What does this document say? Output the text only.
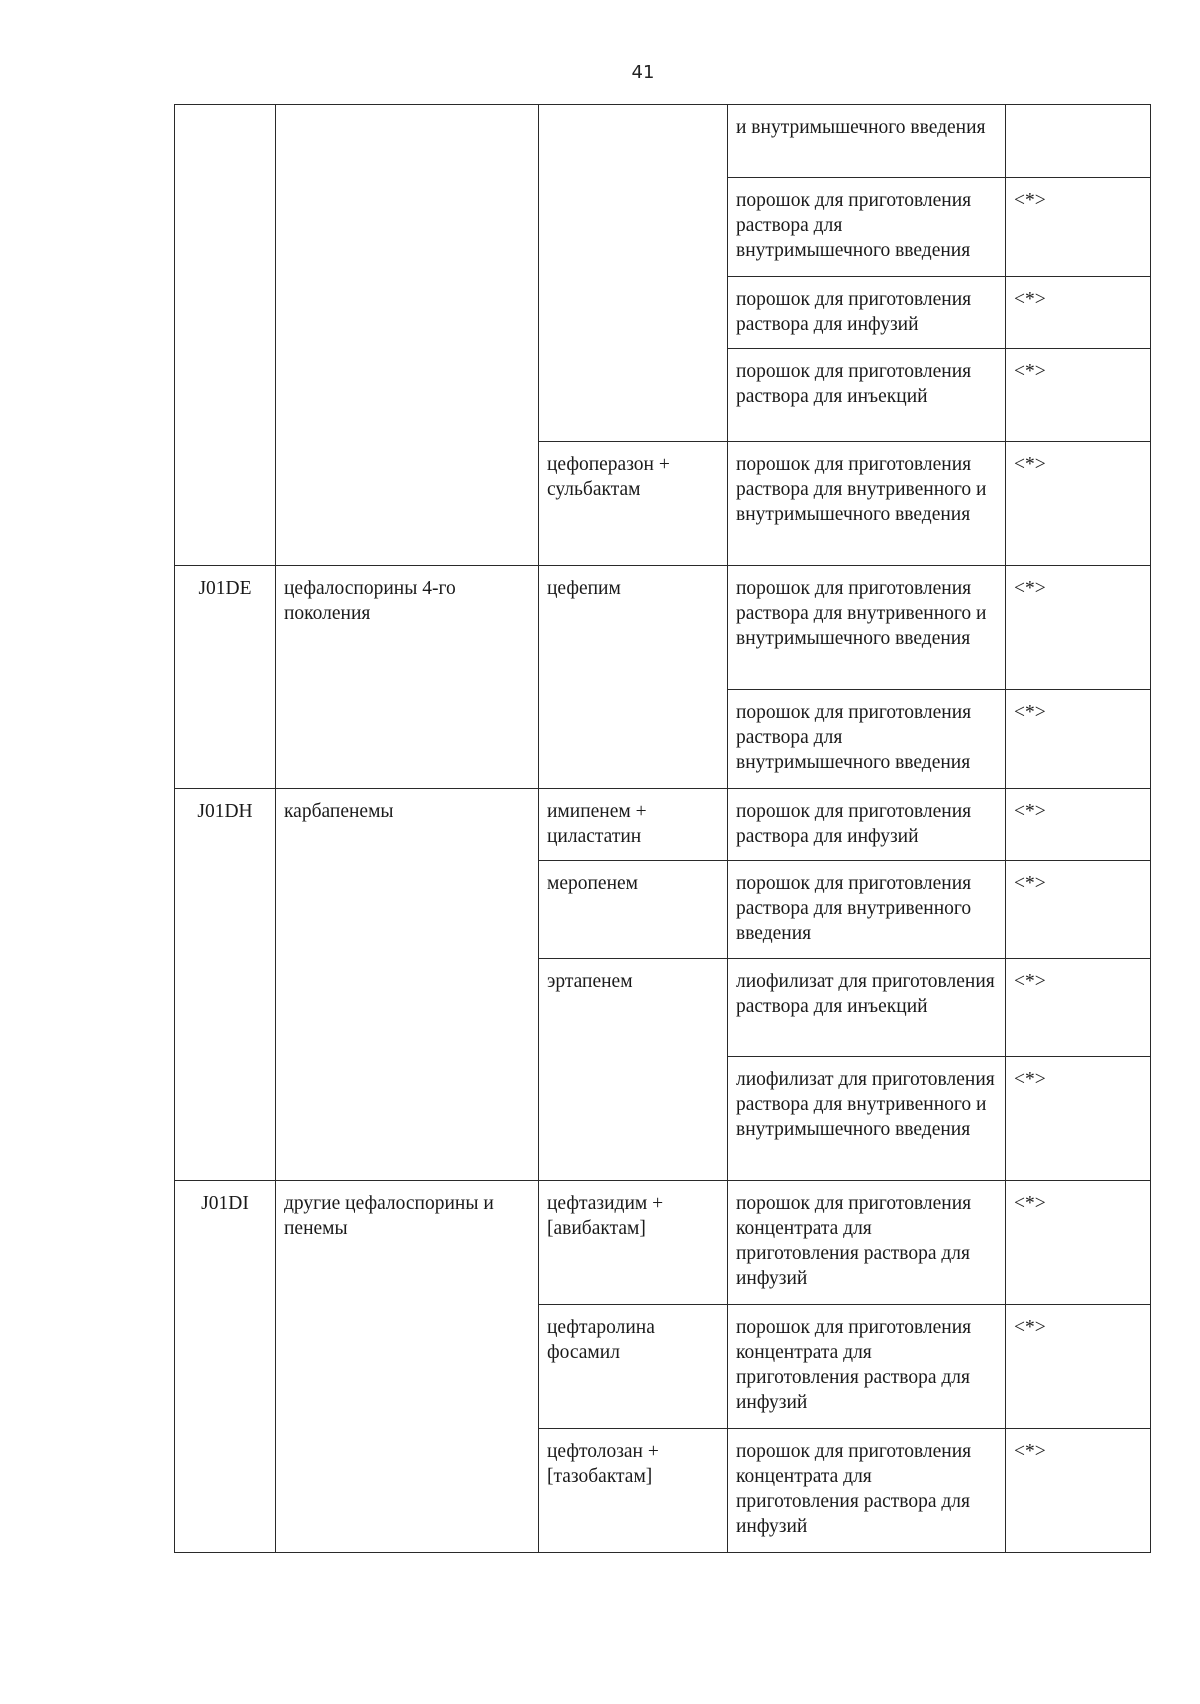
41
			и внутримышечного введения	
			порошок для приготовления раствора для внутримышечного введения	<*>
			порошок для приготовления раствора для инфузий	<*>
			порошок для приготовления раствора для инъекций	<*>
		цефоперазон + сульбактам	порошок для приготовления раствора для внутривенного и внутримышечного введения	<*>
J01DE	цефалоспорины 4-го поколения	цефепим	порошок для приготовления раствора для внутривенного и внутримышечного введения	<*>
			порошок для приготовления раствора для внутримышечного введения	<*>
J01DH	карбапенемы	имипенем + циластатин	порошок для приготовления раствора для инфузий	<*>
		меропенем	порошок для приготовления раствора для внутривенного введения	<*>
		эртапенем	лиофилизат для приготовления раствора для инъекций	<*>
			лиофилизат для приготовления раствора для внутривенного и внутримышечного введения	<*>
J01DI	другие цефалоспорины и пенемы	цефтазидим + [авибактам]	порошок для приготовления концентрата для приготовления раствора для инфузий	<*>
		цефтаролина фосамил	порошок для приготовления концентрата для приготовления раствора для инфузий	<*>
		цефтолозан + [тазобактам]	порошок для приготовления концентрата для приготовления раствора для инфузий	<*>
